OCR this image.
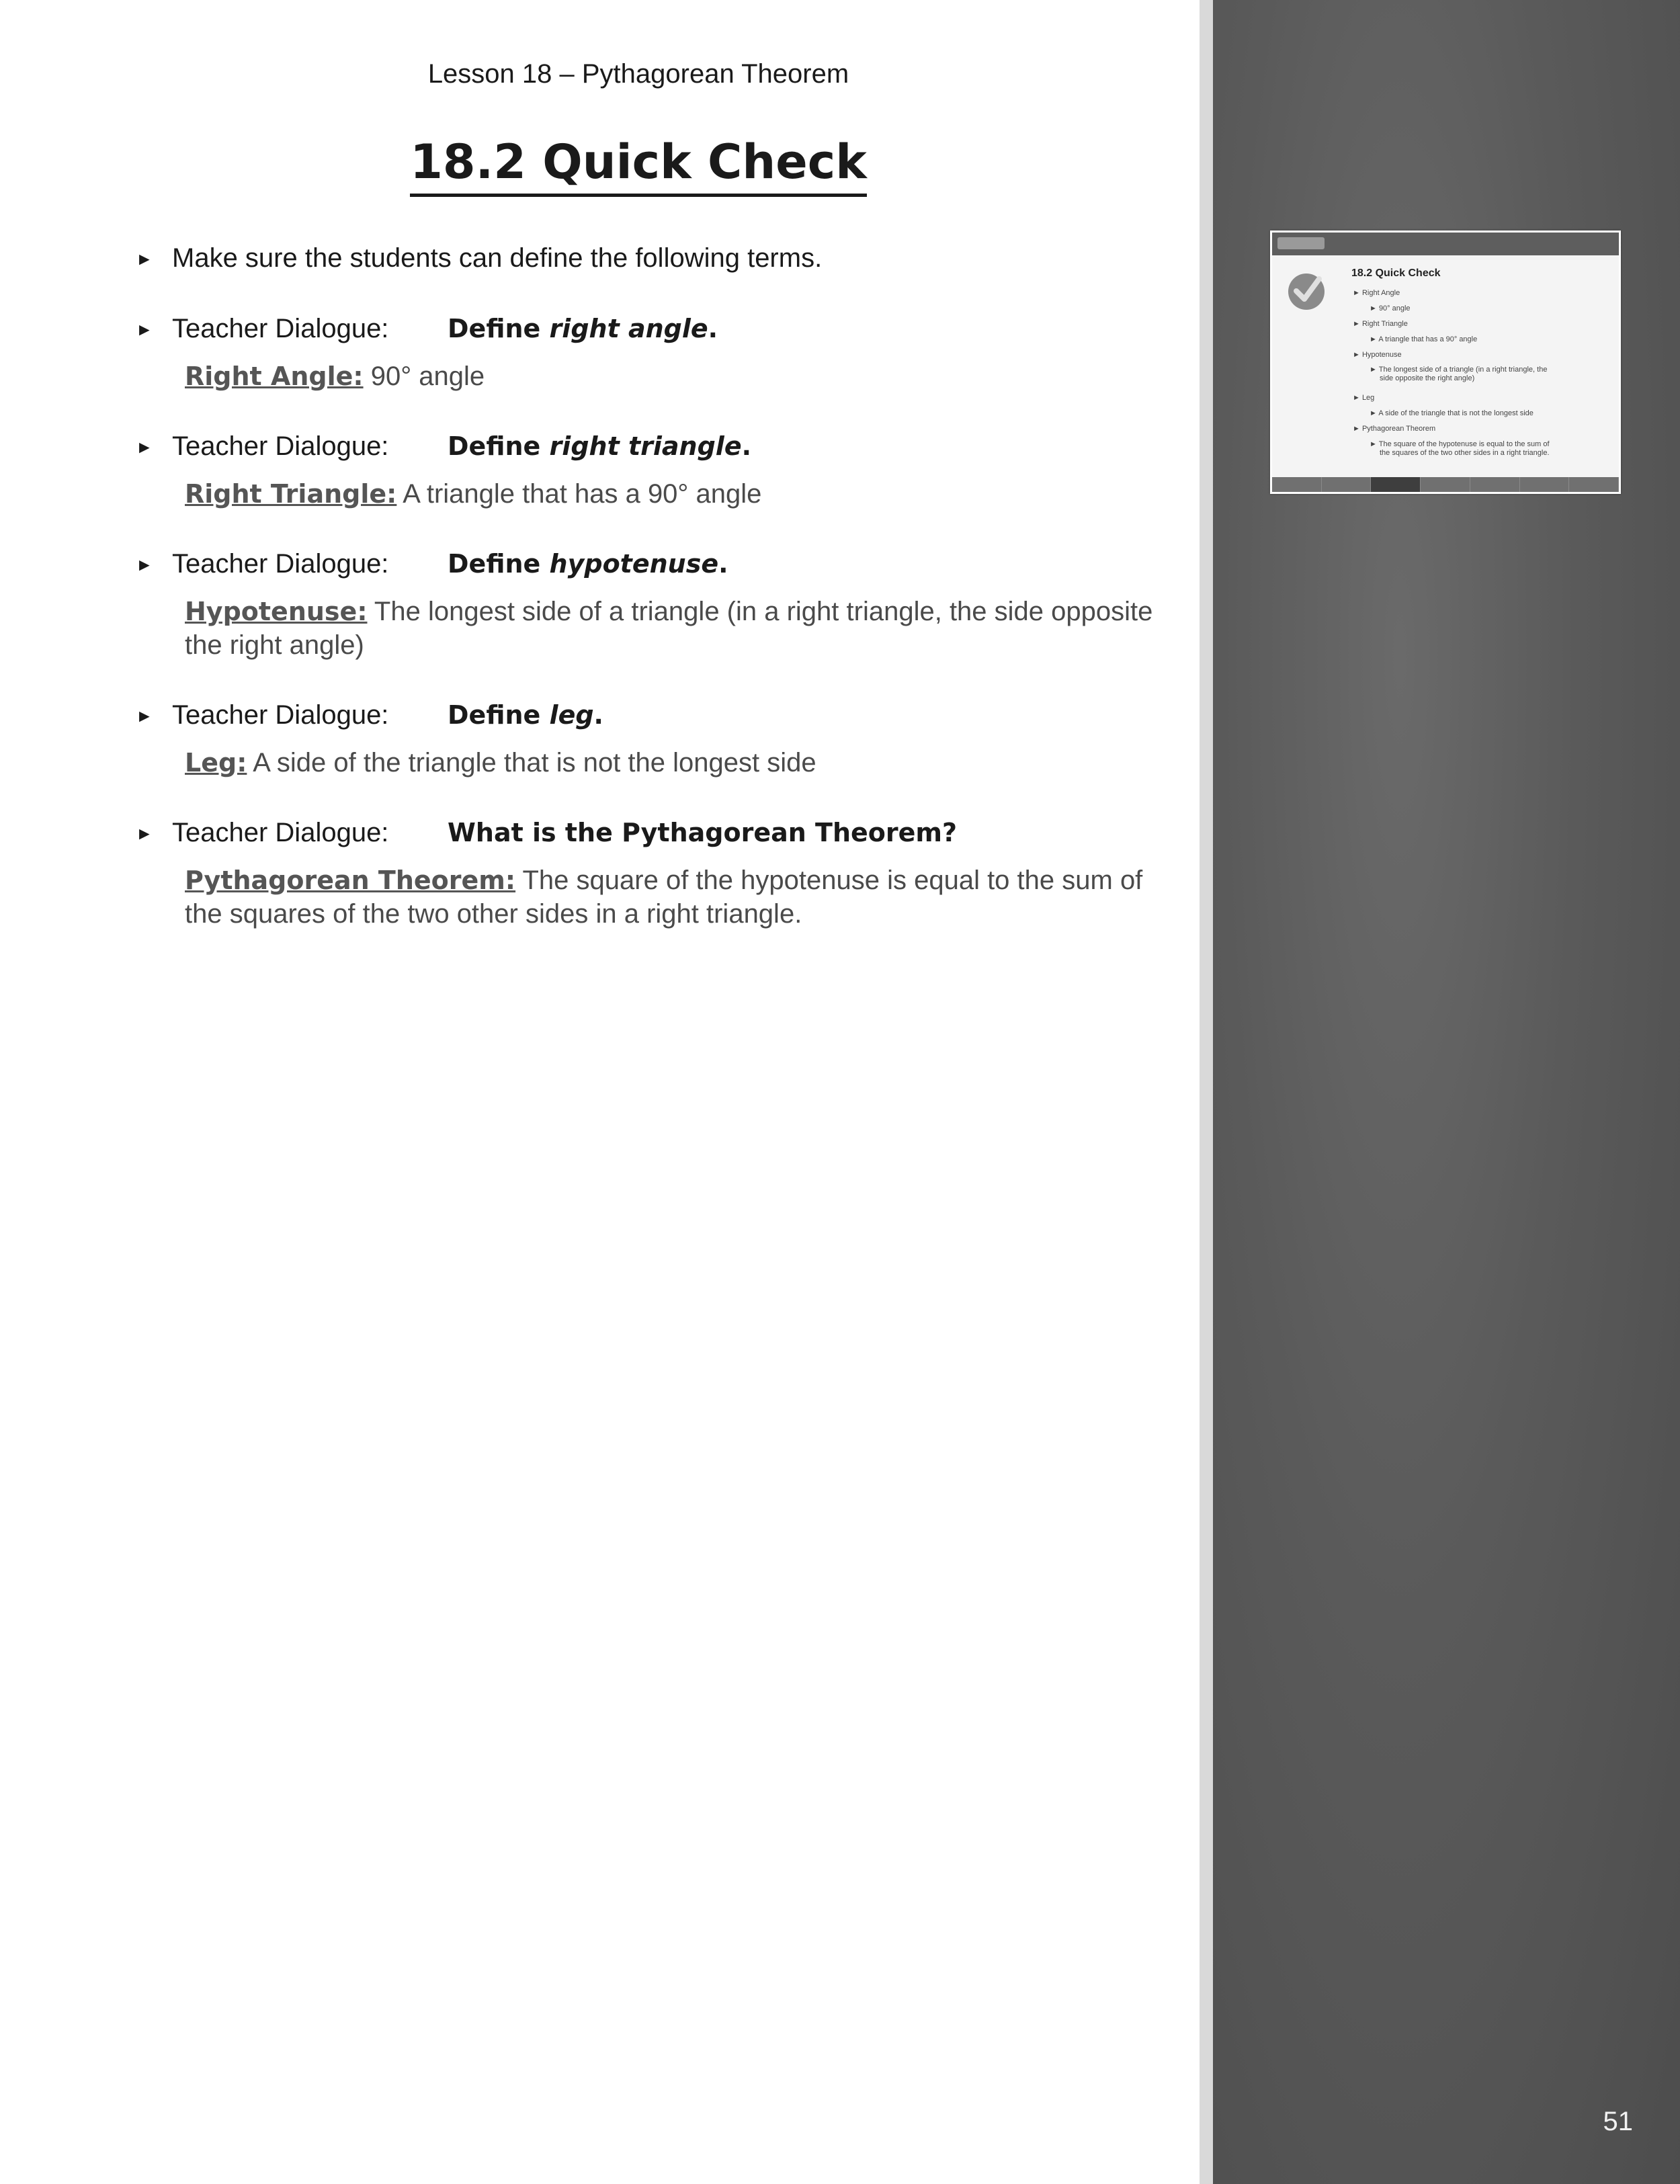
18.2 Quick Check
► Right Angle
► 90° angle
► Right Triangle
► A triangle that has a 90° angle
► Hypotenuse
► The longest side of a triangle (in a right triangle, the
side opposite the right angle)
► Leg
► A side of the triangle that is not the longest side
► Pythagorean Theorem
► The square of the hypotenuse is equal to the sum of
the squares of the two other sides in a right triangle.
51
Lesson 18 – Pythagorean Theorem
18.2 Quick Check
► Make sure the students can define the following terms.
► Teacher Dialogue: Define right angle.
Right Angle: 90° angle
► Teacher Dialogue: Define right triangle.
Right Triangle: A triangle that has a 90° angle
► Teacher Dialogue: Define hypotenuse.
Hypotenuse: The longest side of a triangle (in a right triangle, the side opposite the right angle)
► Teacher Dialogue: Define leg.
Leg: A side of the triangle that is not the longest side
► Teacher Dialogue: What is the Pythagorean Theorem?
Pythagorean Theorem: The square of the hypotenuse is equal to the sum of the squares of the two other sides in a right triangle.
